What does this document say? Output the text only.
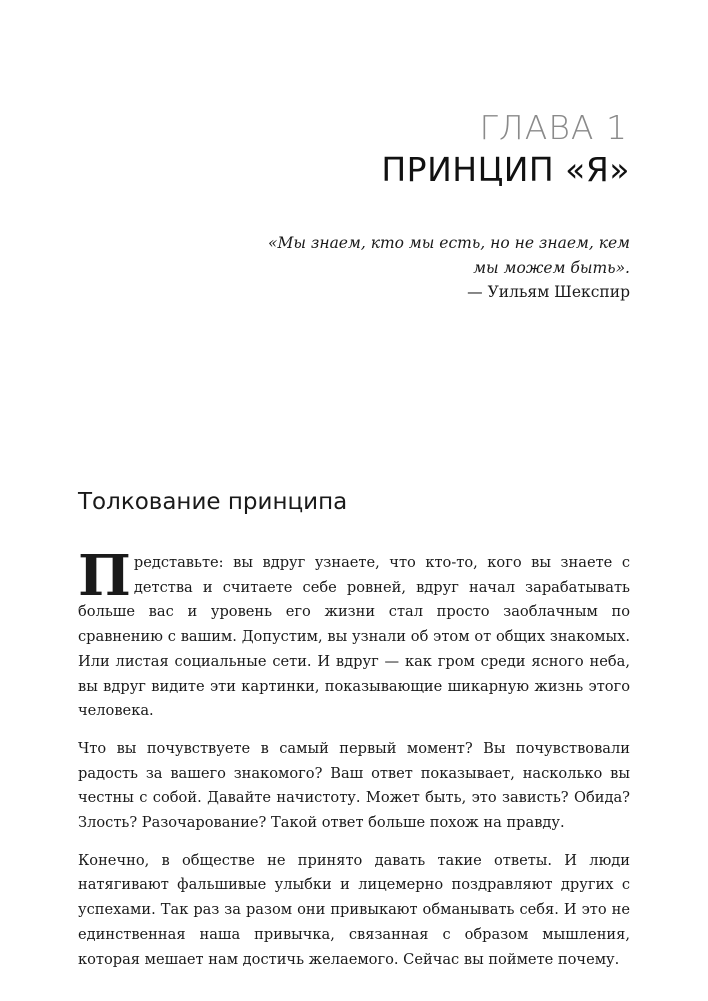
ГЛАВА 1
ПРИНЦИП «Я»

«Мы знаем, кто мы есть, но не знаем, кем мы можем быть».

— Уильям Шекспир

Толкование принципа

Представьте: вы вдруг узнаете, что кто-то, кого вы знаете с детства и считаете себе ровней, вдруг начал зарабатывать больше вас и уровень его жизни стал просто заоблачным по сравнению с вашим. Допустим, вы узнали об этом от общих знакомых. Или листая социальные сети. И вдруг — как гром среди ясного неба, вы вдруг видите эти картинки, показывающие шикарную жизнь этого человека.

Что вы почувствуете в самый первый момент? Вы почувствовали радость за вашего знакомого? Ваш ответ показывает, насколько вы честны с собой. Давайте начистоту. Может быть, это зависть? Обида? Злость? Разочарование? Такой ответ больше похож на правду.

Конечно, в обществе не принято давать такие ответы. И люди натягивают фальшивые улыбки и лицемерно поздравляют других с успехами. Так раз за разом они привыкают обманывать себя. И это не единственная наша привычка, связанная с образом мышления, которая мешает нам достичь желаемого. Сейчас вы поймете почему.
